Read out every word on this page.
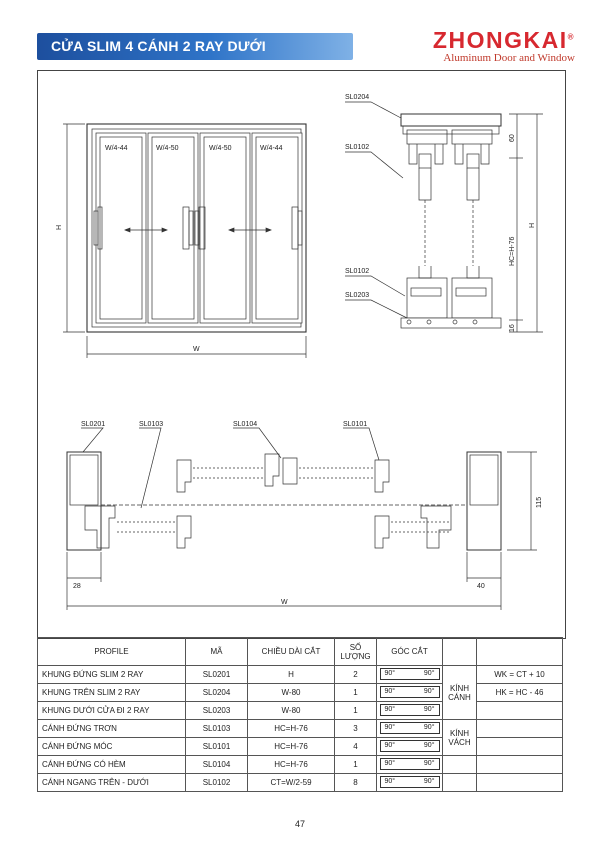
CỬA SLIM 4 CÁNH 2 RAY DƯỚI	ZHONGKAI®
Aluminum Door and Window
W/4-44	W/4-50	W/4-50	W/4-44
H
W
SL0204
SL0102
SL0102
SL0203
60
HC=H-76
H
16
SL0201	SL0103	SL0104	SL0101
115
28	40
W
PROFILE	MÃ	CHIỀU DÀI CẮT	SỐ LƯỢNG	GÓC CẮT		
KHUNG ĐỨNG SLIM 2 RAY	SL0201	H	2	90° 90°	KÍNH CÁNH	WK = CT + 10
KHUNG TRÊN SLIM 2 RAY	SL0204	W-80	1	90° 90°		HK = HC - 46
KHUNG DƯỚI CỬA ĐI 2 RAY	SL0203	W-80	1	90° 90°		

CÁNH ĐỨNG TRƠN	SL0103	HC=H-76	3	90° 90°	KÍNH VÁCH	
CÁNH ĐỨNG MÓC	SL0101	HC=H-76	4	90° 90°		

CÁNH ĐỨNG CÓ HÈM	SL0104	HC=H-76	1	90° 90°		

CÁNH NGANG TRÊN - DƯỚI	SL0102	CT=W/2-59	8	90° 90°		

47
